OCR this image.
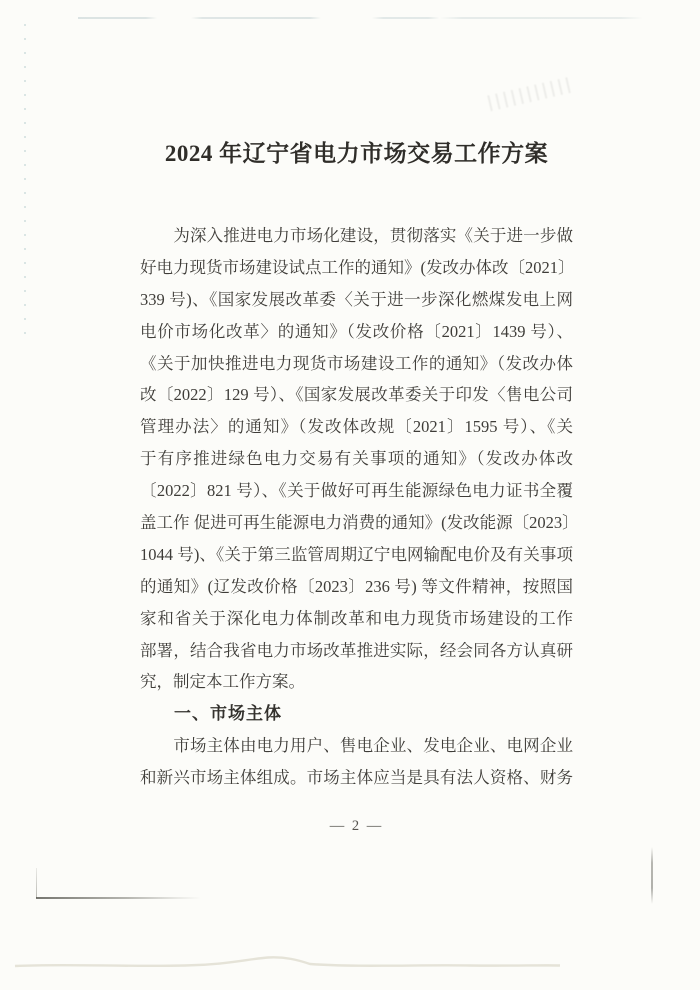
2024 年辽宁省电力市场交易工作方案
　　为深入推进电力市场化建设，贯彻落实《关于进一步做
好电力现货市场建设试点工作的通知》(发改办体改〔2021〕
339 号)、《国家发展改革委〈关于进一步深化燃煤发电上网
电价市场化改革〉的通知》（发改价格〔2021〕1439 号）、
《关于加快推进电力现货市场建设工作的通知》（发改办体
改〔2022〕129 号）、《国家发展改革委关于印发〈售电公司
管理办法〉的通知》（发改体改规〔2021〕1595 号）、《关
于有序推进绿色电力交易有关事项的通知》（发改办体改
〔2022〕821 号）、《关于做好可再生能源绿色电力证书全覆
盖工作 促进可再生能源电力消费的通知》(发改能源〔2023〕
1044 号)、《关于第三监管周期辽宁电网输配电价及有关事项
的通知》(辽发改价格〔2023〕236 号) 等文件精神，按照国
家和省关于深化电力体制改革和电力现货市场建设的工作
部署，结合我省电力市场改革推进实际，经会同各方认真研
究，制定本工作方案。
一、市场主体
　　市场主体由电力用户、售电企业、发电企业、电网企业
和新兴市场主体组成。市场主体应当是具有法人资格、财务
— 2 —
